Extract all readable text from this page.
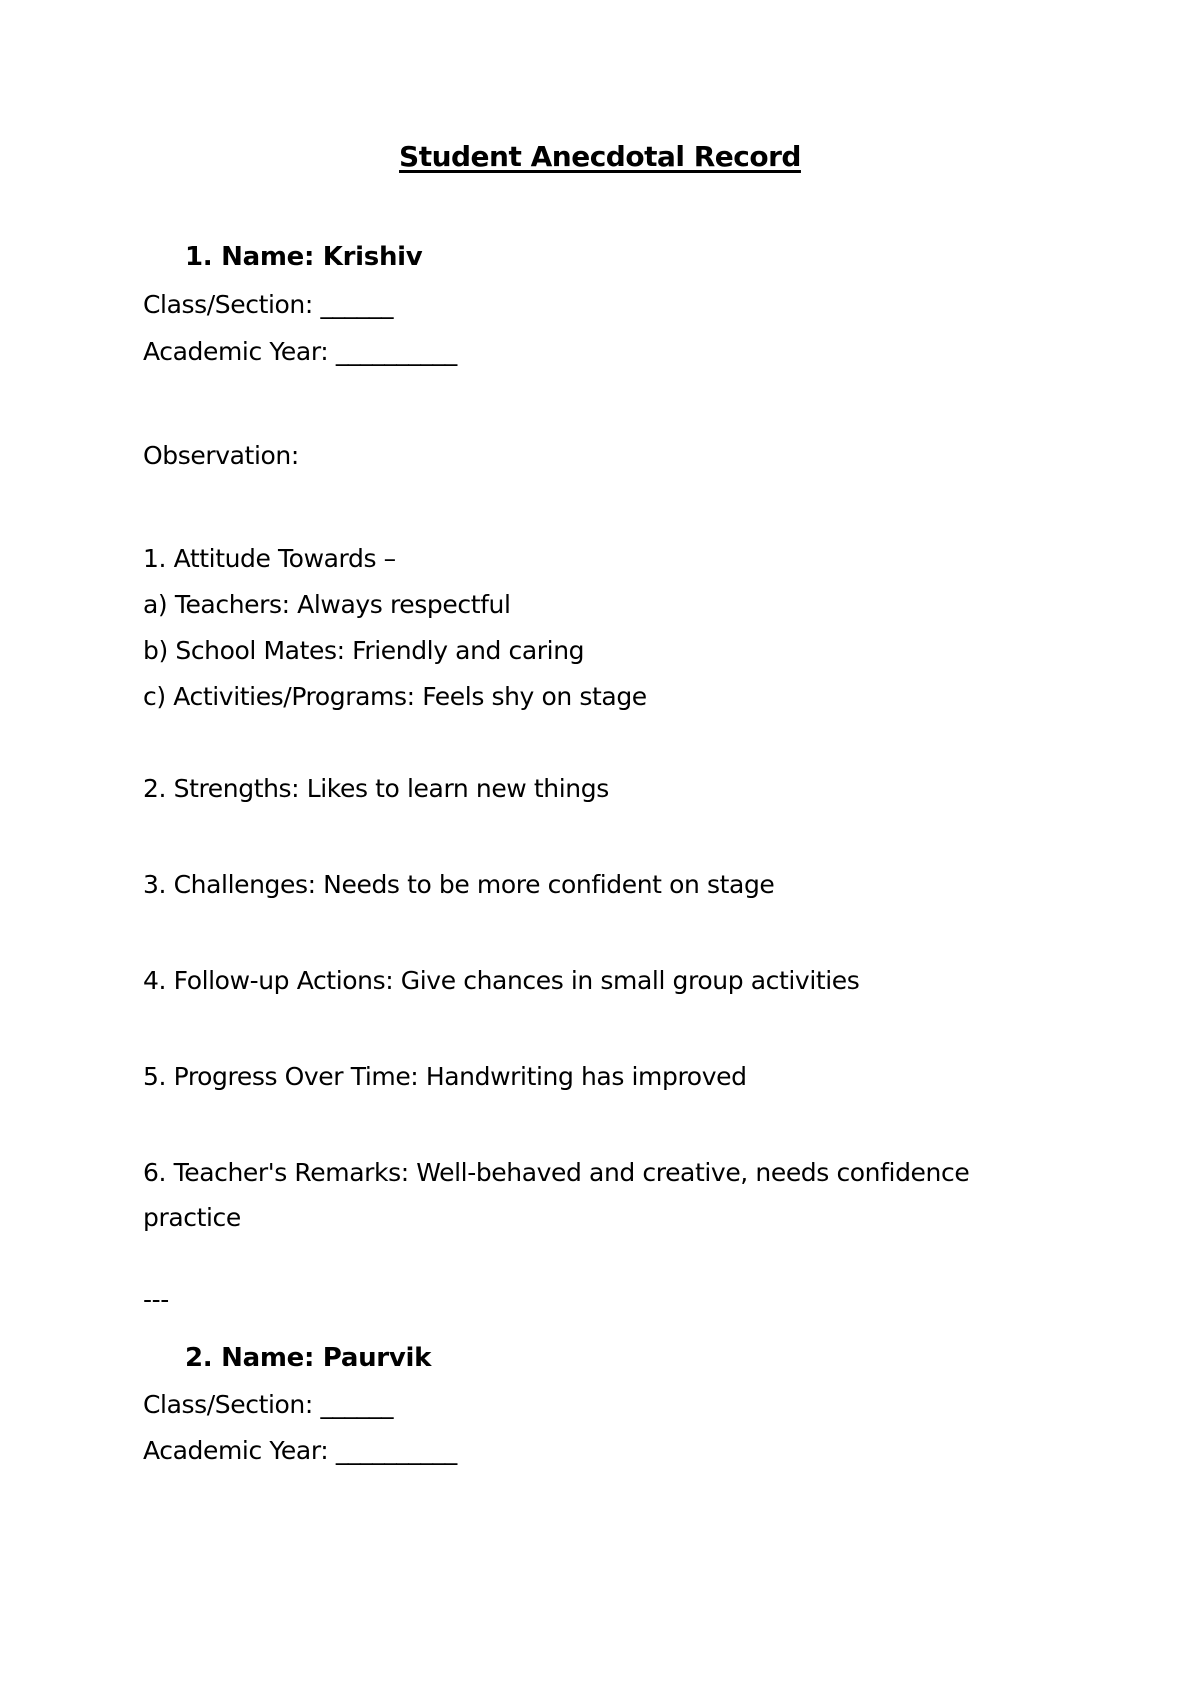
Student Anecdotal Record

1. Name: Krishiv

Class/Section: ______

Academic Year: __________

Observation:

1. Attitude Towards –

a) Teachers: Always respectful

b) School Mates: Friendly and caring

c) Activities/Programs: Feels shy on stage

2. Strengths: Likes to learn new things

3. Challenges: Needs to be more confident on stage

4. Follow-up Actions: Give chances in small group activities

5. Progress Over Time: Handwriting has improved

6. Teacher's Remarks: Well-behaved and creative, needs confidence practice

---

2. Name: Paurvik

Class/Section: ______

Academic Year: __________
